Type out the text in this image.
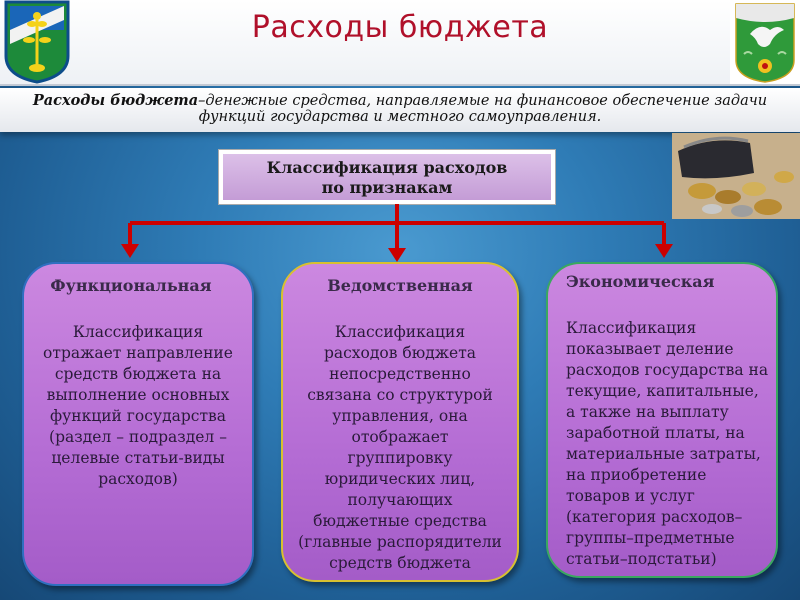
Расходы бюджета
Расходы бюджета–денежные средства, направляемые на финансовое обеспечение задачи функций государства и местного самоуправления.
Классификация расходов
по признакам
Функциональная
Классификация
отражает направление
средств бюджета на
выполнение основных
функций государства
(раздел – подраздел –
целевые статьи-виды
расходов)
Ведомственная
Классификация
расходов бюджета
непосредственно
связана со структурой
управления, она
отображает
группировку
юридических лиц,
получающих
бюджетные средства
(главные распорядители
средств бюджета
Экономическая
Классификация
показывает деление
расходов государства на
текущие, капитальные,
а также на выплату
заработной платы, на
материальные затраты,
на приобретение
товаров и услуг
(категория расходов–
группы–предметные
статьи–подстатьи)
